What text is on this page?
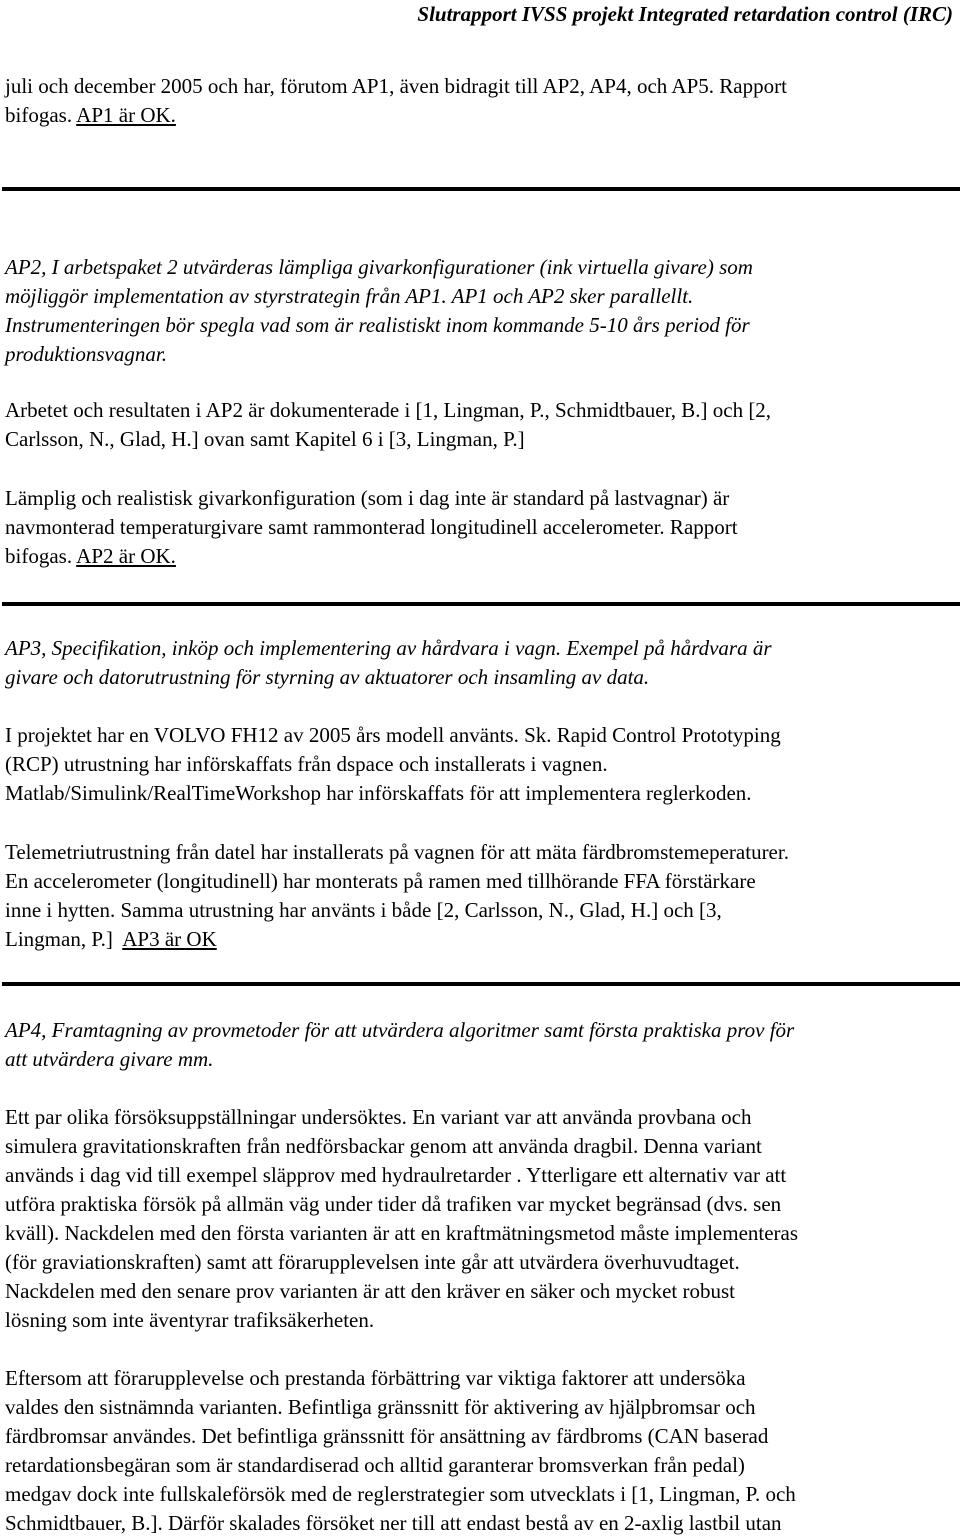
Slutrapport IVSS projekt Integrated retardation control (IRC)
juli och december 2005 och har, förutom AP1, även bidragit till AP2, AP4, och AP5. Rapport
bifogas. AP1 är OK.
AP2, I arbetspaket 2 utvärderas lämpliga givarkonfigurationer (ink virtuella givare) som
möjliggör implementation av styrstrategin från AP1. AP1 och AP2 sker parallellt.
Instrumenteringen bör spegla vad som är realistiskt inom kommande 5-10 års period för
produktionsvagnar.
Arbetet och resultaten i AP2 är dokumenterade i [1, Lingman, P., Schmidtbauer, B.] och [2,
Carlsson, N., Glad, H.] ovan samt Kapitel 6 i [3, Lingman, P.]
Lämplig och realistisk givarkonfiguration (som i dag inte är standard på lastvagnar) är
navmonterad temperaturgivare samt rammonterad longitudinell accelerometer. Rapport
bifogas. AP2 är OK.
AP3, Specifikation, inköp och implementering av hårdvara i vagn. Exempel på hårdvara är
givare och datorutrustning för styrning av aktuatorer och insamling av data.
I projektet har en VOLVO FH12 av 2005 års modell använts. Sk. Rapid Control Prototyping
(RCP) utrustning har införskaffats från dspace och installerats i vagnen.
Matlab/Simulink/RealTimeWorkshop har införskaffats för att implementera reglerkoden.
Telemetriutrustning från datel har installerats på vagnen för att mäta färdbromstemeperaturer.
En accelerometer (longitudinell) har monterats på ramen med tillhörande FFA förstärkare
inne i hytten. Samma utrustning har använts i både [2, Carlsson, N., Glad, H.] och [3,
Lingman, P.]  AP3 är OK
AP4, Framtagning av provmetoder för att utvärdera algoritmer samt första praktiska prov för
att utvärdera givare mm.
Ett par olika försöksuppställningar undersöktes. En variant var att använda provbana och
simulera gravitationskraften från nedförsbackar genom att använda dragbil. Denna variant
används i dag vid till exempel släpprov med hydraulretarder . Ytterligare ett alternativ var att
utföra praktiska försök på allmän väg under tider då trafiken var mycket begränsad (dvs. sen
kväll). Nackdelen med den första varianten är att en kraftmätningsmetod måste implementeras
(för graviationskraften) samt att förarupplevelsen inte går att utvärdera överhuvudtaget.
Nackdelen med den senare prov varianten är att den kräver en säker och mycket robust
lösning som inte äventyrar trafiksäkerheten.
Eftersom att förarupplevelse och prestanda förbättring var viktiga faktorer att undersöka
valdes den sistnämnda varianten. Befintliga gränssnitt för aktivering av hjälpbromsar och
färdbromsar användes. Det befintliga gränssnitt för ansättning av färdbroms (CAN baserad
retardationsbegäran som är standardiserad och alltid garanterar bromsverkan från pedal)
medgav dock inte fullskaleförsök med de reglerstrategier som utvecklats i [1, Lingman, P. och
Schmidtbauer, B.]. Därför skalades försöket ner till att endast bestå av en 2-axlig lastbil utan
